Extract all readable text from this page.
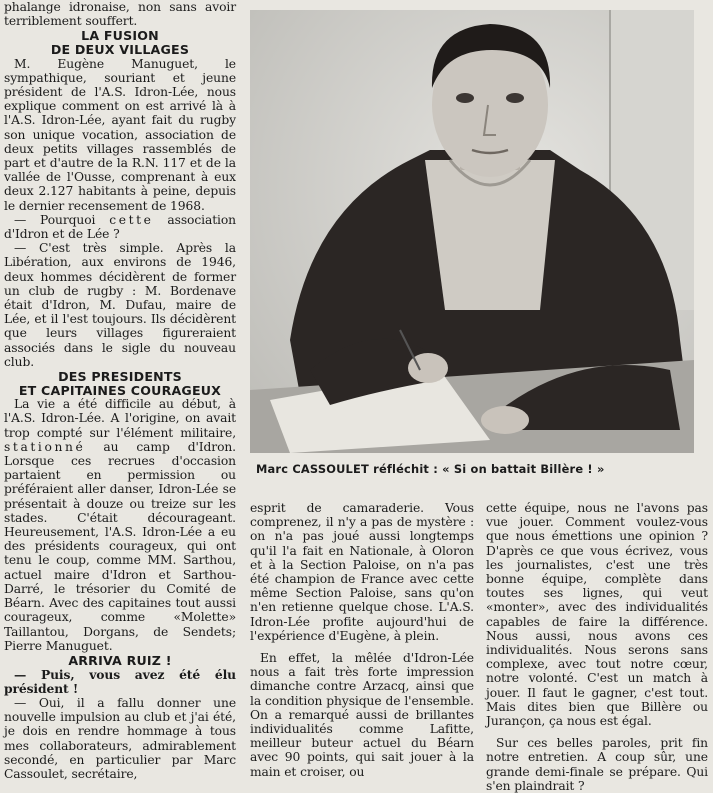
phalange idronaise, non sans avoir terriblement souffert.

LA FUSION
DE DEUX VILLAGES

M. Eugène Manuguet, le sympathique, souriant et jeune président de l'A.S. Idron-Lée, nous explique comment on est arrivé là à l'A.S. Idron-Lée, ayant fait du rugby son unique vocation, association de deux petits villages rassemblés de part et d'autre de la R.N. 117 et de la vallée de l'Ousse, comprenant à eux deux 2.127 habitants à peine, depuis le dernier recensement de 1968.

— Pourquoi cette association d'Idron et de Lée ?

— C'est très simple. Après la Libération, aux environs de 1946, deux hommes décidèrent de former un club de rugby : M. Bordenave était d'Idron, M. Dufau, maire de Lée, et il l'est toujours. Ils décidèrent que leurs villages figureraient associés dans le sigle du nouveau club.

DES PRESIDENTS
ET CAPITAINES COURAGEUX

La vie a été difficile au début, à l'A.S. Idron-Lée. A l'origine, on avait trop compté sur l'élément militaire, stationné au camp d'Idron. Lorsque ces recrues d'occasion partaient en permission ou préféraient aller danser, Idron-Lée se présentait à douze ou treize sur les stades. C'était décourageant. Heureusement, l'A.S. Idron-Lée a eu des présidents courageux, qui ont tenu le coup, comme MM. Sarthou, actuel maire d'Idron et Sarthou-Darré, le trésorier du Comité de Béarn. Avec des capitaines tout aussi courageux, comme «Molette» Taillantou, Dorgans, de Sendets; Pierre Manuguet.

ARRIVA RUIZ !

— Puis, vous avez été élu président !

— Oui, il a fallu donner une nouvelle impulsion au club et j'ai été, je dois en rendre hommage à tous mes collaborateurs, admirablement secondé, en particulier par Marc Cassoulet, secrétaire,

Marc CASSOULET réfléchit : « Si on battait Billère ! »

esprit de camaraderie. Vous comprenez, il n'y a pas de mystère : on n'a pas joué aussi longtemps qu'il l'a fait en Nationale, à Oloron et à la Section Paloise, on n'a pas été champion de France avec cette même Section Paloise, sans qu'on n'en retienne quelque chose. L'A.S. Idron-Lée profite aujourd'hui de l'expérience d'Eugène, à plein.

En effet, la mêlée d'Idron-Lée nous a fait très forte impression dimanche contre Arzacq, ainsi que la condition physique de l'ensemble. On a remarqué aussi de brillantes individualités comme Lafitte, meilleur buteur actuel du Béarn avec 90 points, qui sait jouer à la main et croiser, ou

cette équipe, nous ne l'avons pas vue jouer. Comment voulez-vous que nous émettions une opinion ? D'après ce que vous écrivez, vous les journalistes, c'est une très bonne équipe, complète dans toutes ses lignes, qui veut «monter», avec des individualités capables de faire la différence. Nous aussi, nous avons ces individualités. Nous serons sans complexe, avec tout notre cœur, notre volonté. C'est un match à jouer. Il faut le gagner, c'est tout. Mais dites bien que Billère ou Jurançon, ça nous est égal.

Sur ces belles paroles, prit fin notre entretien. A coup sûr, une grande demi-finale se prépare. Qui s'en plaindrait ?
